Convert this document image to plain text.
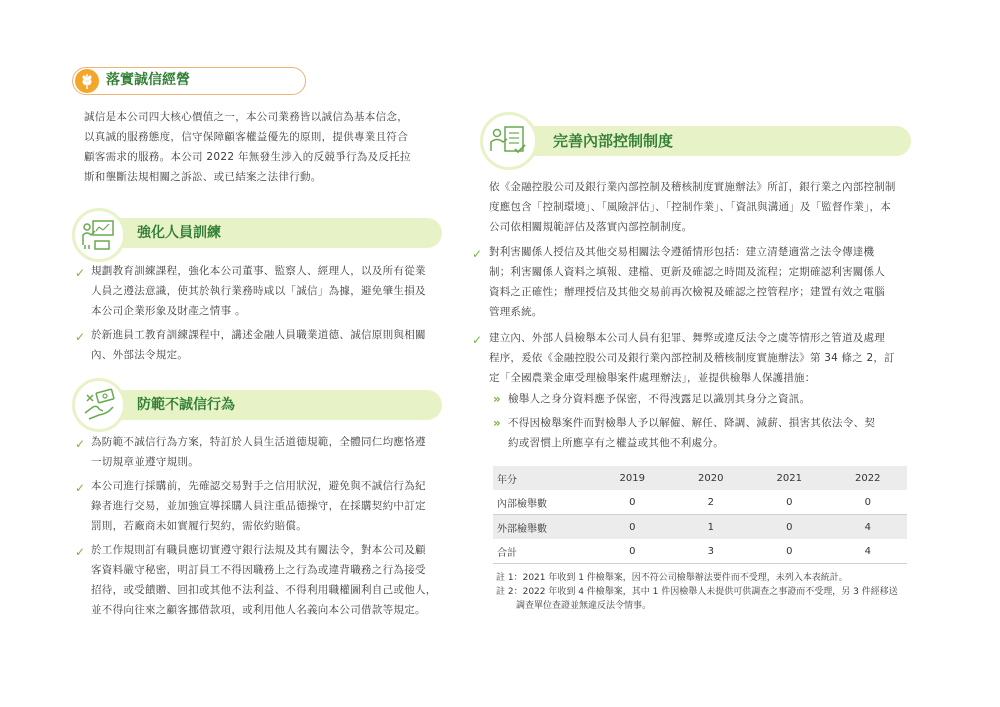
落實誠信經營
誠信是本公司四大核心價值之一，本公司業務皆以誠信為基本信念，
以真誠的服務態度，信守保障顧客權益優先的原則，提供專業且符合
顧客需求的服務。本公司 2022 年無發生涉入的反競爭行為及反托拉
斯和壟斷法規相關之訴訟、或已結案之法律行動。
強化人員訓練
✓ 規劃教育訓練課程，強化本公司董事、監察人、經理人，以及所有從業
人員之遵法意識，使其於執行業務時咸以「誠信」為據，避免肇生損及
本公司企業形象及財產之情事 。
✓ 於新進員工教育訓練課程中，講述金融人員職業道德、誠信原則與相關
內、外部法令規定。
防範不誠信行為
✓ 為防範不誠信行為方案，特訂於人員生活道德規範，全體同仁均應恪遵
一切規章並遵守規則。
✓ 本公司進行採購前，先確認交易對手之信用狀況，避免與不誠信行為紀
錄者進行交易，並加強宣導採購人員注重品德操守，在採購契約中訂定
罰則，若廠商未如實履行契約，需依約賠償。
✓ 於工作規則訂有職員應切實遵守銀行法規及其有關法令，對本公司及顧
客資料嚴守秘密，明訂員工不得因職務上之行為或違背職務之行為接受
招待，或受饋贈、回扣或其他不法利益、不得利用職權圖利自己或他人，
並不得向往來之顧客挪借款項，或利用他人名義向本公司借款等規定。
完善內部控制制度
依《金融控股公司及銀行業內部控制及稽核制度實施辦法》所訂，銀行業之內部控制制
度應包含「控制環境」、「風險評估」、「控制作業」、「資訊與溝通」及「監督作業」，本
公司依相關規範評估及落實內部控制制度。
✓ 對利害關係人授信及其他交易相關法令遵循情形包括：建立清楚適當之法令傳達機
制；利害關係人資料之填報、建檔、更新及確認之時間及流程；定期確認利害關係人
資料之正確性；辦理授信及其他交易前再次檢視及確認之控管程序；建置有效之電腦
管理系統。
✓ 建立內、外部人員檢舉本公司人員有犯罪、舞弊或違反法令之虞等情形之管道及處理
程序，爰依《金融控股公司及銀行業內部控制及稽核制度實施辦法》第 34 條之 2，訂
定「全國農業金庫受理檢舉案件處理辦法」，並提供檢舉人保護措施：
» 檢舉人之身分資料應予保密，不得洩露足以識別其身分之資訊。
» 不得因檢舉案件而對檢舉人予以解僱、解任、降調、減薪、損害其依法令、契
約或習慣上所應享有之權益或其他不利處分。
年分	2019	2020	2021	2022
內部檢舉數	0	2	0	0
外部檢舉數	0	1	0	4
合計	0	3	0	4
註 1：2021 年收到 1 件檢舉案，因不符公司檢舉辦法要件而不受理，未列入本表統計。
註 2：2022 年收到 4 件檢舉案，其中 1 件因檢舉人未提供可供調查之事證而不受理，另 3 件經移送
調查單位查證並無違反法令情事。
